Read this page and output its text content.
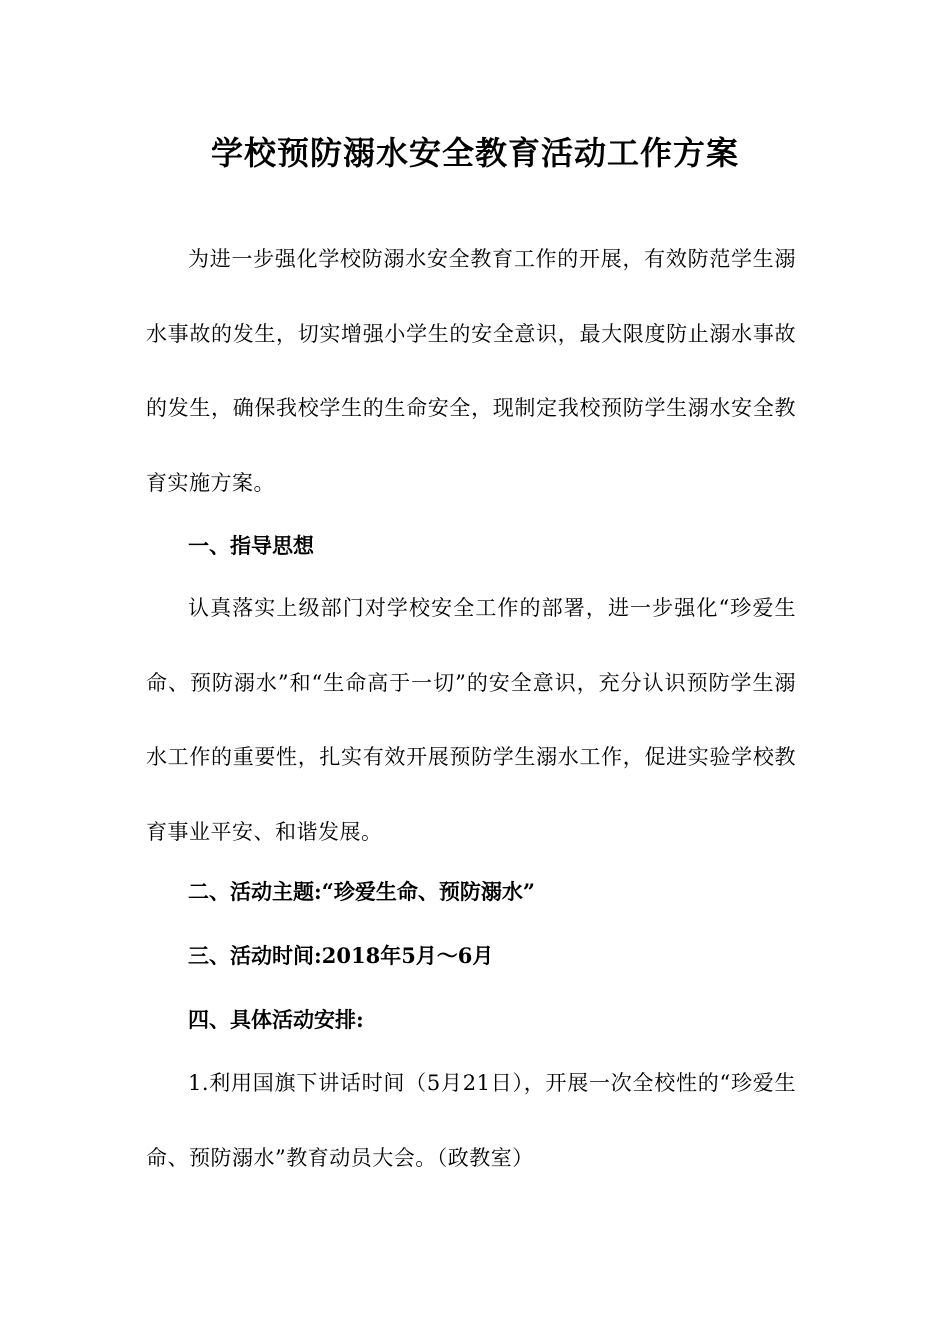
学校预防溺水安全教育活动工作方案
为进一步强化学校防溺水安全教育工作的开展，有效防范学生溺水事故的发生，切实增强小学生的安全意识，最大限度防止溺水事故的发生，确保我校学生的生命安全，现制定我校预防学生溺水安全教育实施方案。
一、指导思想
认真落实上级部门对学校安全工作的部署，进一步强化“珍爱生命、预防溺水”和“生命高于一切”的安全意识，充分认识预防学生溺水工作的重要性，扎实有效开展预防学生溺水工作，促进实验学校教育事业平安、和谐发展。
二、活动主题:“珍爱生命、预防溺水”
三、活动时间:2018年5月～6月
四、具体活动安排:
1.利用国旗下讲话时间（5月21日），开展一次全校性的“珍爱生命、预防溺水”教育动员大会。（政教室）
